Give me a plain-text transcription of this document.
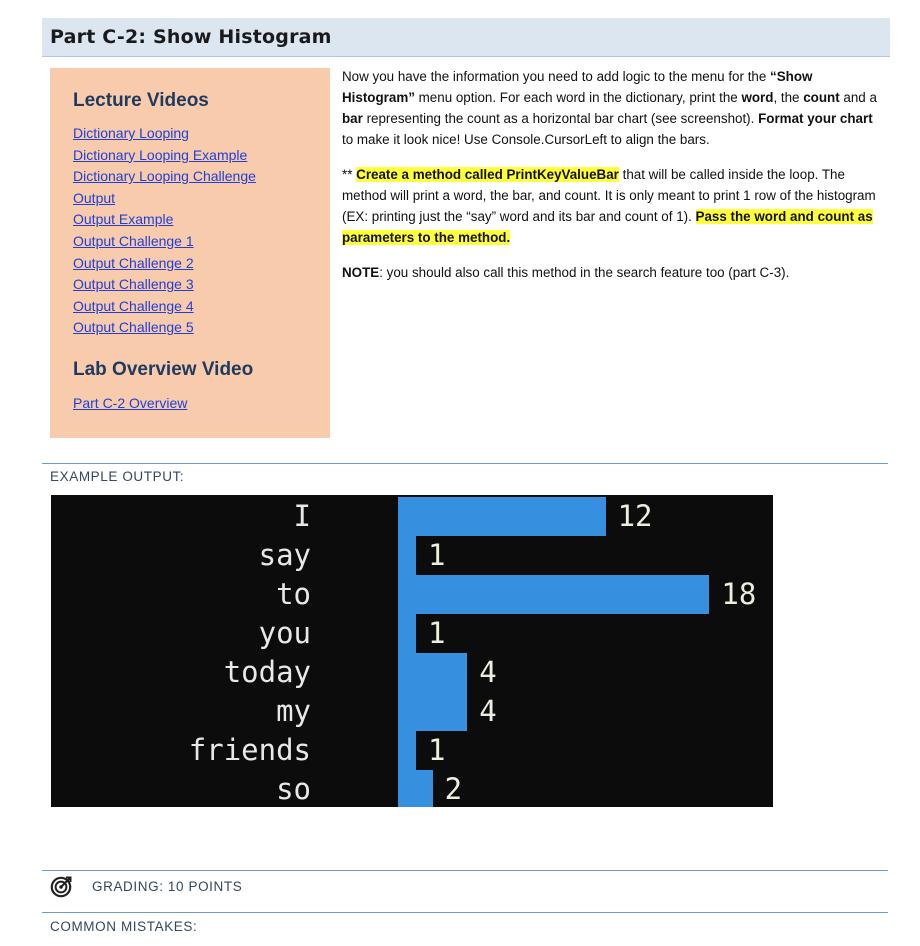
Part C-2: Show Histogram
Lecture Videos
Dictionary Looping
Dictionary Looping Example
Dictionary Looping Challenge
Output
Output Example
Output Challenge 1
Output Challenge 2
Output Challenge 3
Output Challenge 4
Output Challenge 5
Lab Overview Video
Part C-2 Overview

Now you have the information you need to add logic to the menu for the “Show Histogram” menu option. For each word in the dictionary, print the word, the count and a bar representing the count as a horizontal bar chart (see screenshot). Format your chart to make it look nice! Use Console.CursorLeft to align the bars.

** Create a method called PrintKeyValueBar that will be called inside the loop. The method will print a word, the bar, and count. It is only meant to print 1 row of the histogram (EX: printing just the “say” word and its bar and count of 1). Pass the word and count as parameters to the method.

NOTE: you should also call this method in the search feature too (part C-3).

EXAMPLE OUTPUT:
I	12
say	1
to	18
you	1
today	4
my	4
friends	1
so	2
GRADING: 10 POINTS
COMMON MISTAKES:
